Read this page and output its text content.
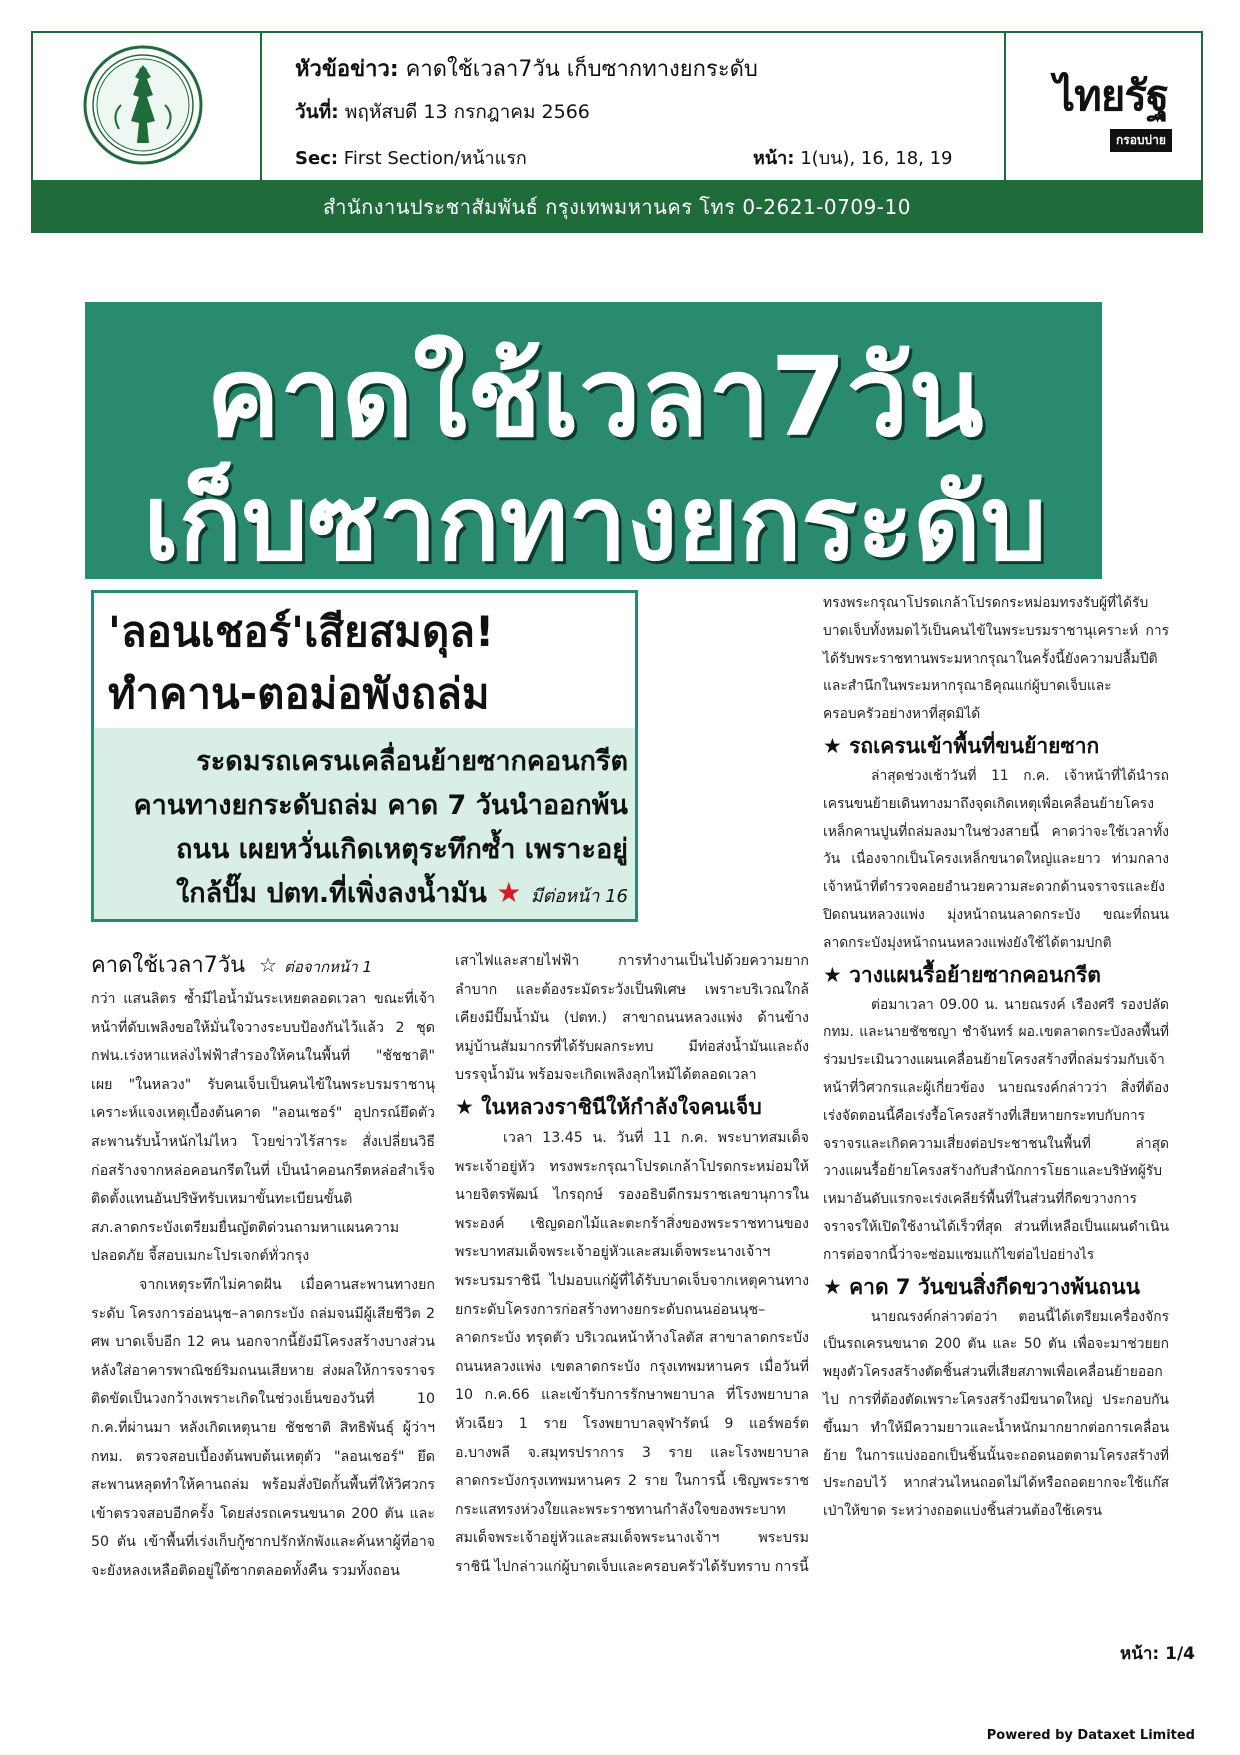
หัวข้อข่าว: คาดใช้เวลา7วัน เก็บซากทางยกระดับ
วันที่: พฤหัสบดี 13 กรกฎาคม 2566
Sec: First Section/หน้าแรก	หน้า: 1(บน), 16, 18, 19
ไทยรัฐ
กรอบบ่าย
สำนักงานประชาสัมพันธ์ กรุงเทพมหานคร โทร 0-2621-0709-10
คาดใช้เวลา7วัน
เก็บซากทางยกระดับ
'ลอนเชอร์'เสียสมดุล!
ทำคาน-ตอม่อพังถล่ม
ระดมรถเครนเคลื่อนย้ายซากคอนกรีต
คานทางยกระดับถล่ม คาด 7 วันนำออกพ้น
ถนน เผยหวั่นเกิดเหตุระทึกซ้ำ เพราะอยู่
ใกล้ปั๊ม ปตท.ที่เพิ่งลงน้ำมัน ★ มีต่อหน้า 16
คาดใช้เวลา7วัน ☆ ต่อจากหน้า 1

กว่า แสนลิตร ซ้ำมีไอน้ำมันระเหยตลอดเวลา ขณะที่เจ้าหน้าที่ดับเพลิงขอให้มั่นใจวางระบบป้องกันไว้แล้ว 2 ชุด กฟน.เร่งหาแหล่งไฟฟ้าสำรองให้คนในพื้นที่ "ชัชชาติ" เผย "ในหลวง" รับคนเจ็บเป็นคนไข้ในพระบรมราชานุเคราะห์แจงเหตุเบื้องต้นคาด "ลอนเชอร์" อุปกรณ์ยึดตัวสะพานรับน้ำหนักไม่ไหว โวยข่าวไร้สาระ สั่งเปลี่ยนวิธีก่อสร้างจากหล่อคอนกรีตในที่ เป็นนำคอนกรีตหล่อสำเร็จติดตั้งแทนอันปริษัทรับเหมาขั้นทะเบียนขั้นติ สภ.ลาดกระบังเตรียมยื่นญัตติด่วนถามหาแผนความปลอดภัย จี้สอบเมกะโปรเจกต์ทั่วกรุง

จากเหตุระทึกไม่คาดฝัน เมื่อคานสะพานทางยกระดับ โครงการอ่อนนุช–ลาดกระบัง ถล่มจนมีผู้เสียชีวิต 2 ศพ บาดเจ็บอีก 12 คน นอกจากนี้ยังมีโครงสร้างบางส่วนหลังใส่อาคารพาณิชย์ริมถนนเสียหาย ส่งผลให้การจราจรติดขัดเป็นวงกว้างเพราะเกิดในช่วงเย็นของวันที่ 10 ก.ค.ที่ผ่านมา หลังเกิดเหตุนาย ชัชชาติ สิทธิพันธุ์ ผู้ว่าฯ กทม. ตรวจสอบเบื้องต้นพบต้นเหตุตัว "ลอนเชอร์" ยึดสะพานหลุดทำให้คานถล่ม พร้อมสั่งปิดกั้นพื้นที่ให้วิศวกรเข้าตรวจสอบอีกครั้ง โดยส่งรถเครนขนาด 200 ตัน และ 50 ตัน เข้าพื้นที่เร่งเก็บกู้ซากปรักหักพังและค้นหาผู้ที่อาจจะยังหลงเหลือติดอยู่ใต้ซากตลอดทั้งคืน รวมทั้งถอน

เสาไฟและสายไฟฟ้า การทำงานเป็นไปด้วยความยากลำบาก และต้องระมัดระวังเป็นพิเศษ เพราะบริเวณใกล้เคียงมีปั๊มน้ำมัน (ปตท.) สาขาถนนหลวงแพ่ง ด้านข้างหมู่บ้านสัมมากรที่ได้รับผลกระทบ มีท่อส่งน้ำมันและถังบรรจุน้ำมัน พร้อมจะเกิดเพลิงลุกไหม้ได้ตลอดเวลา

★ ในหลวงราชินีให้กำลังใจคนเจ็บ

เวลา 13.45 น. วันที่ 11 ก.ค. พระบาทสมเด็จพระเจ้าอยู่หัว ทรงพระกรุณาโปรดเกล้าโปรดกระหม่อมให้นายจิตรพัฒน์ ไกรฤกษ์ รองอธิบดีกรมราชเลขานุการในพระองค์ เชิญดอกไม้และตะกร้าสิ่งของพระราชทานของพระบาทสมเด็จพระเจ้าอยู่หัวและสมเด็จพระนางเจ้าฯ พระบรมราชินี ไปมอบแก่ผู้ที่ได้รับบาดเจ็บจากเหตุคานทางยกระดับโครงการก่อสร้างทางยกระดับถนนอ่อนนุช–ลาดกระบัง ทรุดตัว บริเวณหน้าห้างโลตัส สาขาลาดกระบัง ถนนหลวงแพ่ง เขตลาดกระบัง กรุงเทพมหานคร เมื่อวันที่ 10 ก.ค.66 และเข้ารับการรักษาพยาบาล ที่โรงพยาบาลหัวเฉียว 1 ราย โรงพยาบาลจุฬารัตน์ 9 แอร์พอร์ต อ.บางพลี จ.สมุทรปราการ 3 ราย และโรงพยาบาลลาดกระบังกรุงเทพมหานคร 2 ราย ในการนี้ เชิญพระราชกระแสทรงห่วงใยและพระราชทานกำลังใจของพระบาทสมเด็จพระเจ้าอยู่หัวและสมเด็จพระนางเจ้าฯ พระบรมราชินี ไปกล่าวแก่ผู้บาดเจ็บและครอบครัวได้รับทราบ การนี้

ทรงพระกรุณาโปรดเกล้าโปรดกระหม่อมทรงรับผู้ที่ได้รับบาดเจ็บทั้งหมดไว้เป็นคนไข้ในพระบรมราชานุเคราะห์ การได้รับพระราชทานพระมหากรุณาในครั้งนี้ยังความปลื้มปีติและสำนึกในพระมหากรุณาธิคุณแก่ผู้บาดเจ็บและครอบครัวอย่างหาที่สุดมิได้

★ รถเครนเข้าพื้นที่ขนย้ายซาก

ล่าสุดช่วงเช้าวันที่ 11 ก.ค. เจ้าหน้าที่ได้นำรถเครนขนย้ายเดินทางมาถึงจุดเกิดเหตุเพื่อเคลื่อนย้ายโครงเหล็กคานปูนที่ถล่มลงมาในช่วงสายนี้ คาดว่าจะใช้เวลาทั้งวัน เนื่องจากเป็นโครงเหล็กขนาดใหญ่และยาว ท่ามกลางเจ้าหน้าที่ตำรวจคอยอำนวยความสะดวกด้านจราจรและยังปิดถนนหลวงแพ่ง มุ่งหน้าถนนลาดกระบัง ขณะที่ถนนลาดกระบังมุ่งหน้าถนนหลวงแพ่งยังใช้ได้ตามปกติ

★ วางแผนรื้อย้ายซากคอนกรีต

ต่อมาเวลา 09.00 น. นายณรงค์ เรืองศรี รองปลัด กทม. และนายชัชชญา ชำจันทร์ ผอ.เขตลาดกระบังลงพื้นที่ร่วมประเมินวางแผนเคลื่อนย้ายโครงสร้างที่ถล่มร่วมกับเจ้าหน้าที่วิศวกรและผู้เกี่ยวข้อง นายณรงค์กล่าวว่า สิ่งที่ต้องเร่งจัดตอนนี้คือเร่งรื้อโครงสร้างที่เสียหายกระทบกับการจราจรและเกิดความเสี่ยงต่อประชาชนในพื้นที่ ล่าสุดวางแผนรื้อย้ายโครงสร้างกับสำนักการโยธาและบริษัทผู้รับเหมาอันดับแรกจะเร่งเคลียร์พื้นที่ในส่วนที่กีดขวางการจราจรให้เปิดใช้งานได้เร็วที่สุด ส่วนที่เหลือเป็นแผนดำเนินการต่อจากนี้ว่าจะซ่อมแซมแก้ไขต่อไปอย่างไร

★ คาด 7 วันขนสิ่งกีดขวางพ้นถนน

นายณรงค์กล่าวต่อว่า ตอนนี้ได้เตรียมเครื่องจักรเป็นรถเครนขนาด 200 ตัน และ 50 ตัน เพื่อจะมาช่วยยกพยุงตัวโครงสร้างตัดชิ้นส่วนที่เสียสภาพเพื่อเคลื่อนย้ายออกไป การที่ต้องตัดเพราะโครงสร้างมีขนาดใหญ่ ประกอบกันขึ้นมา ทำให้มีความยาวและน้ำหนักมากยากต่อการเคลื่อนย้าย ในการแบ่งออกเป็นชิ้นนั้นจะถอดนอตตามโครงสร้างที่ประกอบไว้ หากส่วนไหนถอดไม่ได้หรือถอดยากจะใช้แก๊สเป่าให้ขาด ระหว่างถอดแบ่งชิ้นส่วนต้องใช้เครน

หน้า: 1/4
Powered by Dataxet Limited
